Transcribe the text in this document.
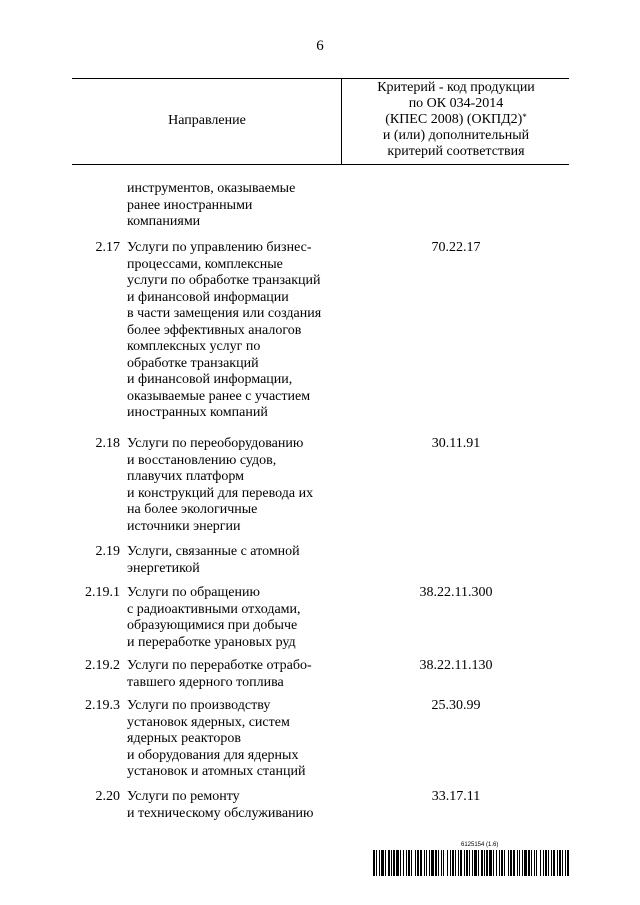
6
Направление
Критерий - код продукции
по ОК 034-2014
(КПЕС 2008) (ОКПД2)*
и (или) дополнительный
критерий соответствия
инструментов, оказываемые
ранее иностранными
компаниями
2.17 Услуги по управлению бизнес-
процессами, комплексные
услуги по обработке транзакций
и финансовой информации
в части замещения или создания
более эффективных аналогов
комплексных услуг по
обработке транзакций
и финансовой информации,
оказываемые ранее с участием
иностранных компаний
70.22.17
2.18 Услуги по переоборудованию
и восстановлению судов,
плавучих платформ
и конструкций для перевода их
на более экологичные
источники энергии
30.11.91
2.19 Услуги, связанные с атомной
энергетикой
2.19.1 Услуги по обращению
с радиоактивными отходами,
образующимися при добыче
и переработке урановых руд
38.22.11.300
2.19.2 Услуги по переработке отрабо-
тавшего ядерного топлива
38.22.11.130
2.19.3 Услуги по производству
установок ядерных, систем
ядерных реакторов
и оборудования для ядерных
установок и атомных станций
25.30.99
2.20 Услуги по ремонту
и техническому обслуживанию
33.17.11
6125154 (1.6)
